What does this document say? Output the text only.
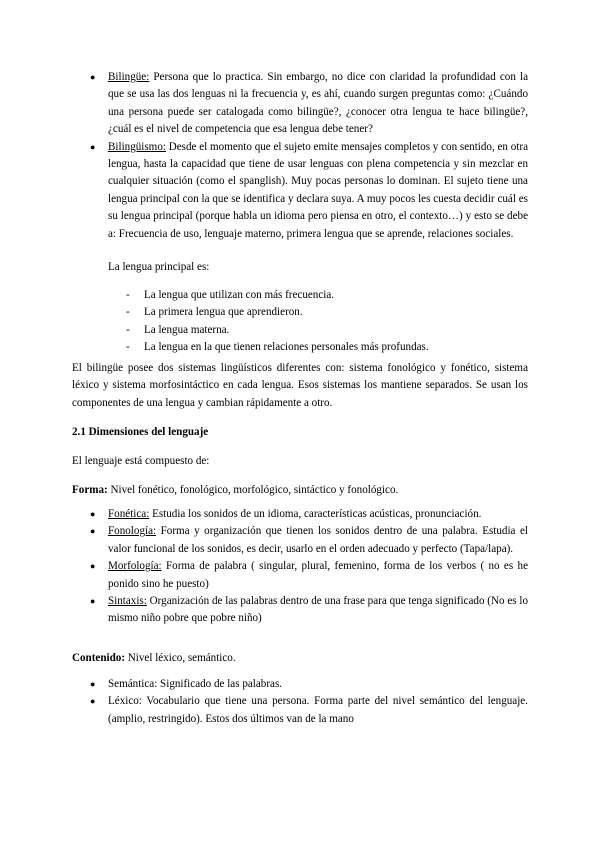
● Bilingüe: Persona que lo practica. Sin embargo, no dice con claridad la profundidad con la que se usa las dos lenguas ni la frecuencia y, es ahí, cuando surgen preguntas como: ¿Cuándo una persona puede ser catalogada como bilingüe?, ¿conocer otra lengua te hace bilingüe?, ¿cuál es el nivel de competencia que esa lengua debe tener?
● Bilingüismo: Desde el momento que el sujeto emite mensajes completos y con sentido, en otra lengua, hasta la capacidad que tiene de usar lenguas con plena competencia y sin mezclar en cualquier situación (como el spanglish). Muy pocas personas lo dominan. El sujeto tiene una lengua principal con la que se identifica y declara suya. A muy pocos les cuesta decidir cuál es su lengua principal (porque habla un idioma pero piensa en otro, el contexto…) y esto se debe a: Frecuencia de uso, lenguaje materno, primera lengua que se aprende, relaciones sociales.

La lengua principal es:

- La lengua que utilizan con más frecuencia.
- La primera lengua que aprendieron.
- La lengua materna.
- La lengua en la que tienen relaciones personales más profundas.

El bilingüe posee dos sistemas lingüísticos diferentes con: sistema fonológico y fonético, sistema léxico y sistema morfosintáctico en cada lengua. Esos sistemas los mantiene separados. Se usan los componentes de una lengua y cambian rápidamente a otro.

2.1 Dimensiones del lenguaje

El lenguaje está compuesto de:

Forma: Nivel fonético, fonológico, morfológico, sintáctico y fonológico.

● Fonética: Estudia los sonidos de un idioma, características acústicas, pronunciación.
● Fonología: Forma y organización que tienen los sonidos dentro de una palabra. Estudia el valor funcional de los sonidos, es decir, usarlo en el orden adecuado y perfecto (Tapa/lapa).
● Morfología: Forma de palabra ( singular, plural, femenino, forma de los verbos ( no es he ponido sino he puesto)
● Sintaxis: Organización de las palabras dentro de una frase para que tenga significado (No es lo mismo niño pobre que pobre niño)

Contenido: Nivel léxico, semántico.

● Semántica: Significado de las palabras.
● Léxico: Vocabulario que tiene una persona. Forma parte del nivel semántico del lenguaje. (amplio, restringido). Estos dos últimos van de la mano
